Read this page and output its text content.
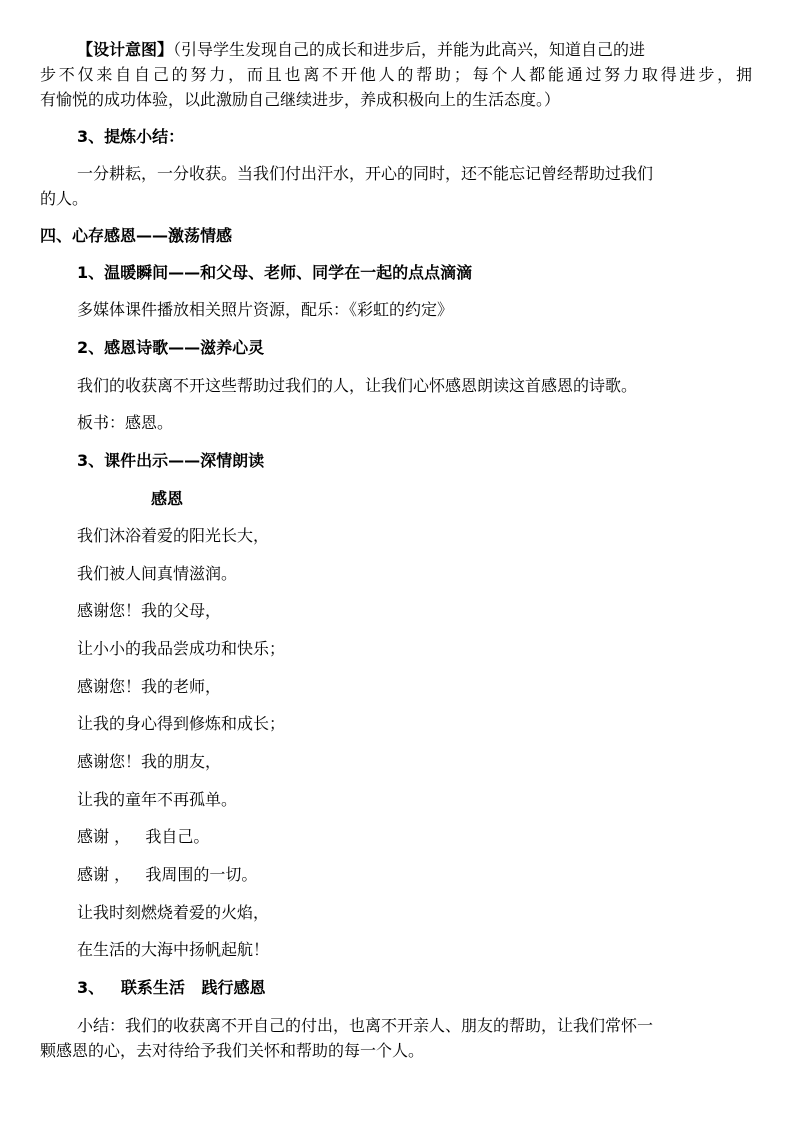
【设计意图】（引导学生发现自己的成长和进步后，并能为此高兴，知道自己的进
步不仅来自自己的努力，而且也离不开他人的帮助；每个人都能通过努力取得进步，拥
有愉悦的成功体验，以此激励自己继续进步，养成积极向上的生活态度。）
3、提炼小结：
一分耕耘，一分收获。当我们付出汗水，开心的同时，还不能忘记曾经帮助过我们
的人。
四、心存感恩——激荡情感
1、温暖瞬间——和父母、老师、同学在一起的点点滴滴
多媒体课件播放相关照片资源，配乐：《彩虹的约定》
2、感恩诗歌——滋养心灵
我们的收获离不开这些帮助过我们的人，让我们心怀感恩朗读这首感恩的诗歌。
板书：感恩。
3、课件出示——深情朗读
感恩
我们沐浴着爱的阳光长大，
我们被人间真情滋润。
感谢您！我的父母，
让小小的我品尝成功和快乐；
感谢您！我的老师，
让我的身心得到修炼和成长；
感谢您！我的朋友，
让我的童年不再孤单。
感谢 ，   我自己。
感谢 ，   我周围的一切。
让我时刻燃烧着爱的火焰，
在生活的大海中扬帆起航！
3、   联系生活   践行感恩
小结：我们的收获离不开自己的付出，也离不开亲人、朋友的帮助，让我们常怀一
颗感恩的心，去对待给予我们关怀和帮助的每一个人。
